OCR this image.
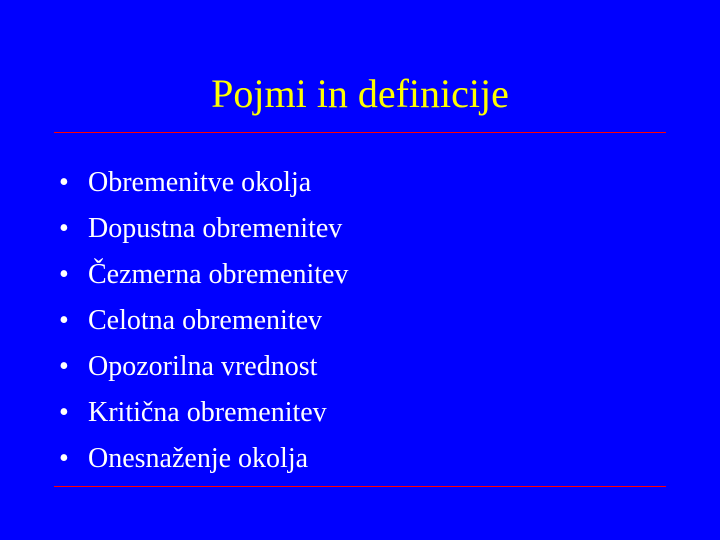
Pojmi in definicije
• Obremenitve okolja
• Dopustna obremenitev
• Čezmerna obremenitev
• Celotna obremenitev
• Opozorilna vrednost
• Kritična obremenitev
• Onesnaženje okolja
